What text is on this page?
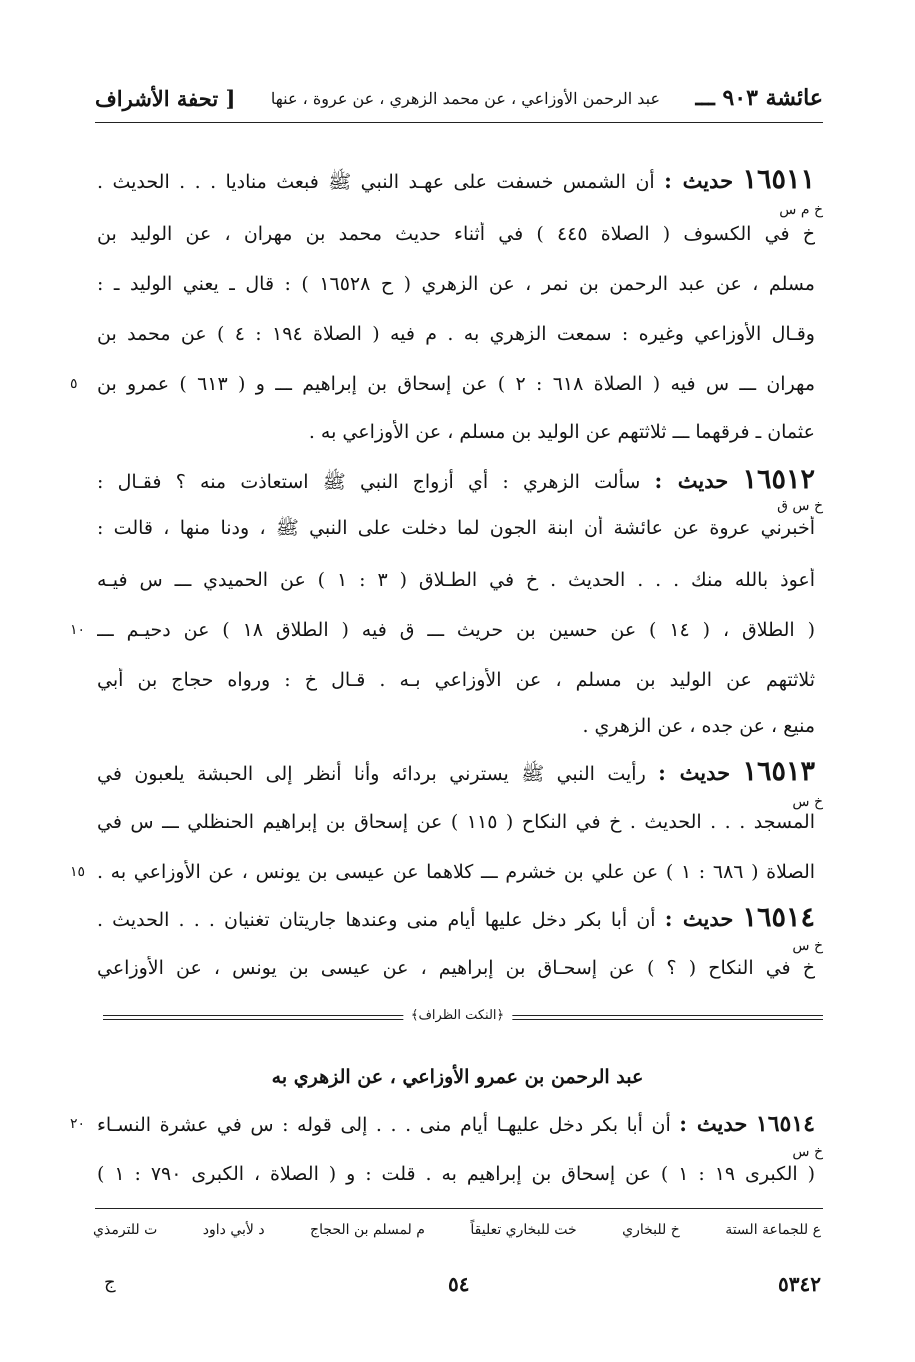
عائشة ٩٠٣ ـــ
عبد الرحمن الأوزاعي ، عن محمد الزهري ، عن عروة ، عنها
[ تحفة الأشراف
١٦٥١١ حديث : أن الشمس خسفت على عهـد النبي ﷺ فبعث مناديا . . . الحديث .
خ م س
خ في الكسوف ( الصلاة ٤٤٥ ) في أثناء حديث محمد بن مهران ، عن الوليد بن
مسلم ، عن عبد الرحمن بن نمر ، عن الزهري ( ح ١٦٥٢٨ ) : قال ـ يعني الوليد ـ :
وقـال الأوزاعي وغيره : سمعت الزهري به . م فيه ( الصلاة ١٩٤ : ٤ ) عن محمد بن
مهران ـــ س فيه ( الصلاة ٦١٨ : ٢ ) عن إسحاق بن إبراهيم ـــ و ( ٦١٣ ) عمرو بن
٥
عثمان ـ فرقهما ـــ ثلاثتهم عن الوليد بن مسلم ، عن الأوزاعي به .
١٦٥١٢ حديث : سألت الزهري : أي أزواج النبي ﷺ استعاذت منه ؟ فقـال :
خ س ق
أخبرني عروة عن عائشة أن ابنة الجون لما دخلت على النبي ﷺ ، ودنا منها ، قالت :
أعوذ بالله منك . . . الحديث . خ في الطـلاق ( ٣ : ١ ) عن الحميدي ـــ س فيـه
( الطلاق ، ( ١٤ ) عن حسين بن حريث ـــ ق فيه ( الطلاق ١٨ ) عن دحيـم ـــ
١٠
ثلاثتهم عن الوليد بن مسلم ، عن الأوزاعي بـه . قـال خ : ورواه حجاج بن أبي
منيع ، عن جده ، عن الزهري .
١٦٥١٣ حديث : رأيت النبي ﷺ يسترني بردائه وأنا أنظر إلى الحبشة يلعبون في
خ س
المسجد . . . الحديث . خ في النكاح ( ١١٥ ) عن إسحاق بن إبراهيم الحنظلي ـــ س في
الصلاة ( ٦٨٦ : ١ ) عن علي بن خشرم ـــ كلاهما عن عيسى بن يونس ، عن الأوزاعي به .
١٥
١٦٥١٤ حديث : أن أبا بكر دخل عليها أيام منى وعندها جاريتان تغنيان . . . الحديث .
خ س
خ في النكاح ( ؟ ) عن إسحـاق بن إبراهيم ، عن عيسى بن يونس ، عن الأوزاعي
﴿النكت الظراف﴾
عبد الرحمن بن عمرو الأوزاعي ، عن الزهري به
١٦٥١٤ حديث : أن أبا بكر دخل عليهـا أيام منى . . . إلى قوله : س في عشرة النسـاء
٢٠
خ س
( الكبرى ١٩ : ١ ) عن إسحاق بن إبراهيم به . قلت : و ( الصلاة ، الكبرى ٧٩٠ : ١ )
ع للجماعة الستة
خ للبخاري
خت للبخاري تعليقاً
م لمسلم بن الحجاج
د لأبي داود
ت للترمذي
ج	٥٤	٥٣٤٢
